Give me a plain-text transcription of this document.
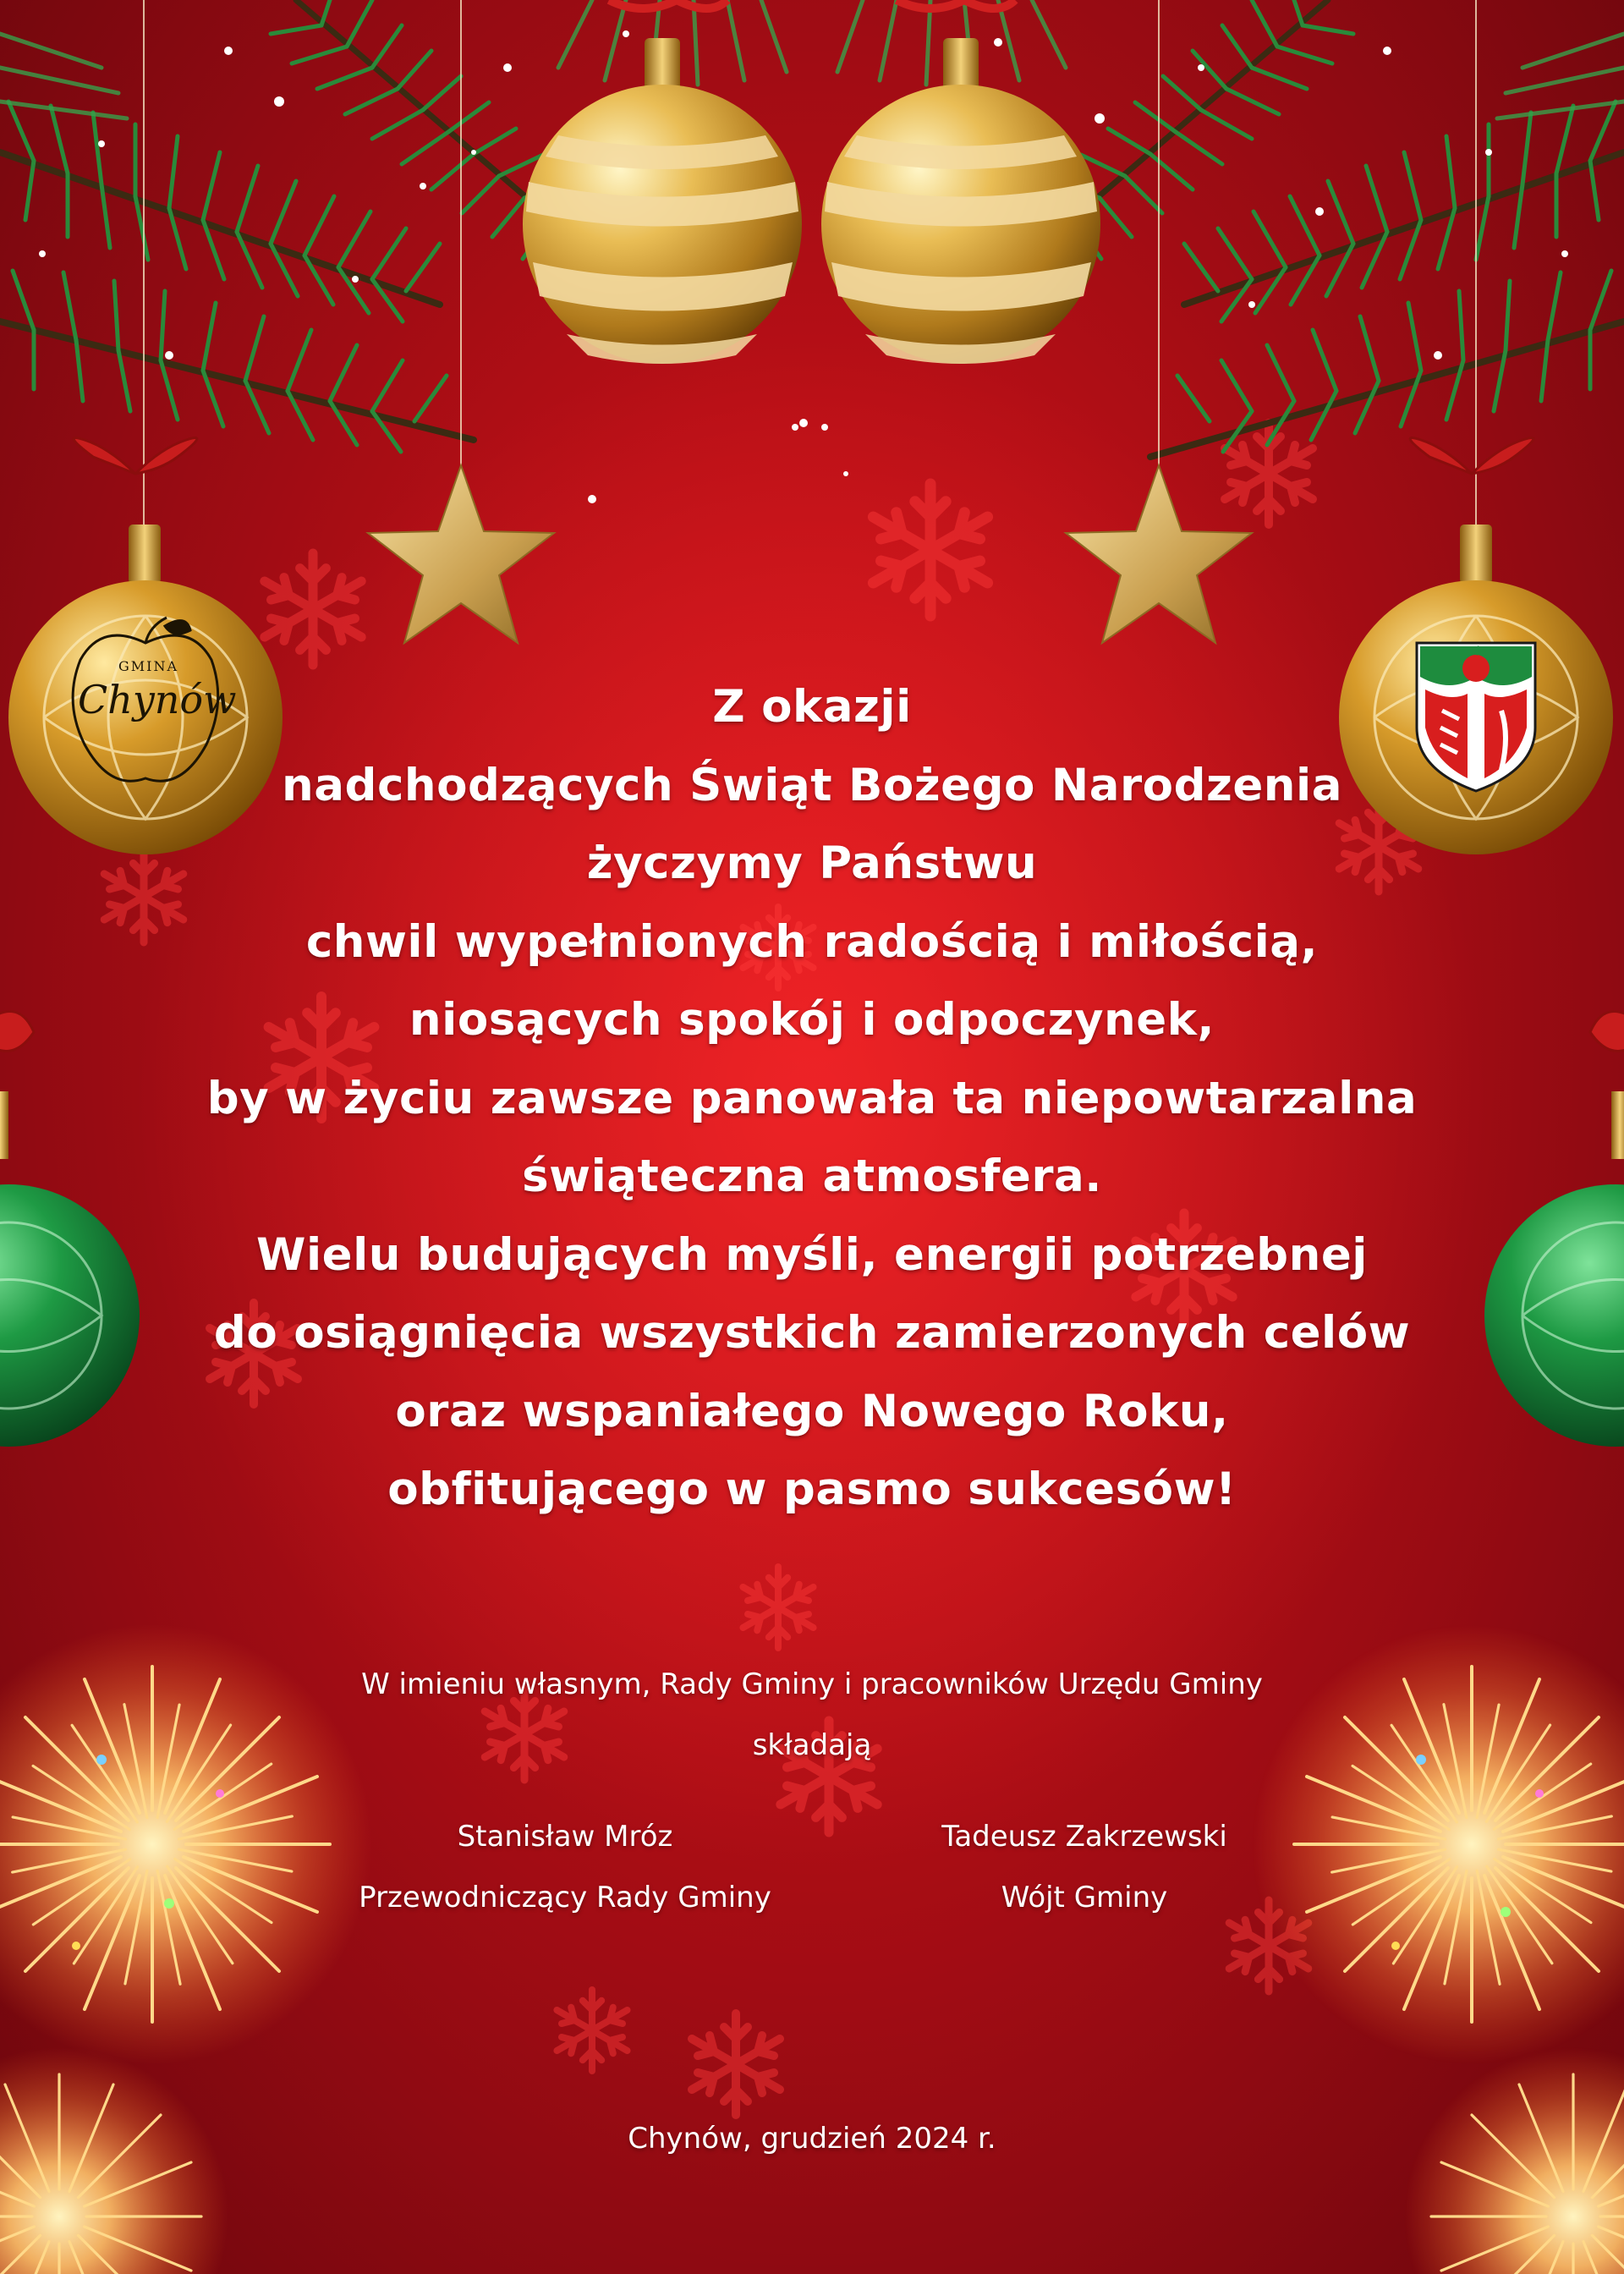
GMINA
Chynów	Z okazji
nadchodzących Świąt Bożego Narodzenia
życzymy Państwu
chwil wypełnionych radością i miłością,
niosących spokój i odpoczynek,
by w życiu zawsze panowała ta niepowtarzalna
świąteczna atmosfera.
Wielu budujących myśli, energii potrzebnej
do osiągnięcia wszystkich zamierzonych celów
oraz wspaniałego Nowego Roku,
obfitującego w pasmo sukcesów!
W imieniu własnym, Rady Gminy i pracowników Urzędu Gminy
składają
Stanisław Mróz
Przewodniczący Rady Gminy
Tadeusz Zakrzewski
Wójt Gminy
Chynów, grudzień 2024 r.
